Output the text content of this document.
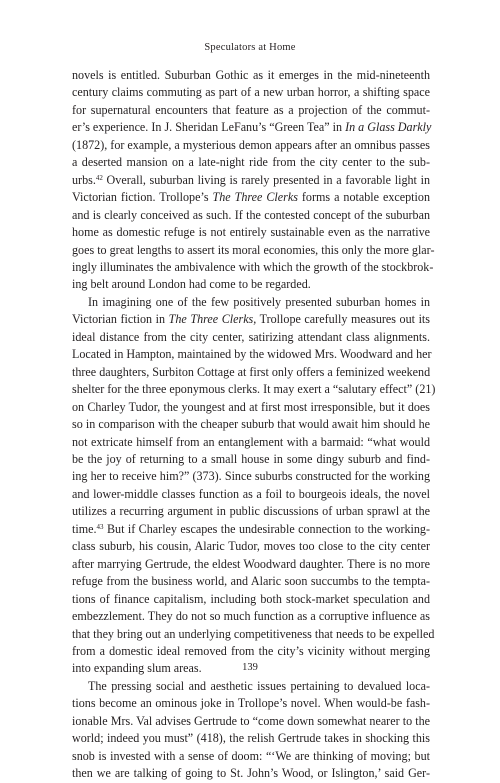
Speculators at Home
novels is entitled. Suburban Gothic as it emerges in the mid-nineteenth
century claims commuting as part of a new urban horror, a shifting space
for supernatural encounters that feature as a projection of the commut-
er’s experience. In J. Sheridan LeFanu’s “Green Tea” in In a Glass Darkly
(1872), for example, a mysterious demon appears after an omnibus passes
a deserted mansion on a late-night ride from the city center to the sub-
urbs.$^{42}$ Overall, suburban living is rarely presented in a favorable light in
Victorian fiction. Trollope’s The Three Clerks forms a notable exception
and is clearly conceived as such. If the contested concept of the suburban
home as domestic refuge is not entirely sustainable even as the narrative
goes to great lengths to assert its moral economies, this only the more glar-
ingly illuminates the ambivalence with which the growth of the stockbrok-
ing belt around London had come to be regarded.
In imagining one of the few positively presented suburban homes in
Victorian fiction in The Three Clerks, Trollope carefully measures out its
ideal distance from the city center, satirizing attendant class alignments.
Located in Hampton, maintained by the widowed Mrs. Woodward and her
three daughters, Surbiton Cottage at first only offers a feminized weekend
shelter for the three eponymous clerks. It may exert a “salutary effect” (21)
on Charley Tudor, the youngest and at first most irresponsible, but it does
so in comparison with the cheaper suburb that would await him should he
not extricate himself from an entanglement with a barmaid: “what would
be the joy of returning to a small house in some dingy suburb and find-
ing her to receive him?” (373). Since suburbs constructed for the working
and lower-middle classes function as a foil to bourgeois ideals, the novel
utilizes a recurring argument in public discussions of urban sprawl at the
time.$^{43}$ But if Charley escapes the undesirable connection to the working-
class suburb, his cousin, Alaric Tudor, moves too close to the city center
after marrying Gertrude, the eldest Woodward daughter. There is no more
refuge from the business world, and Alaric soon succumbs to the tempta-
tions of finance capitalism, including both stock-market speculation and
embezzlement. They do not so much function as a corruptive influence as
that they bring out an underlying competitiveness that needs to be expelled
from a domestic ideal removed from the city’s vicinity without merging
into expanding slum areas.
The pressing social and aesthetic issues pertaining to devalued loca-
tions become an ominous joke in Trollope’s novel. When would-be fash-
ionable Mrs. Val advises Gertrude to “come down somewhat nearer to the
world; indeed you must” (418), the relish Gertrude takes in shocking this
snob is invested with a sense of doom: “‘We are thinking of moving; but
then we are talking of going to St. John’s Wood, or Islington,’ said Ger-
139
